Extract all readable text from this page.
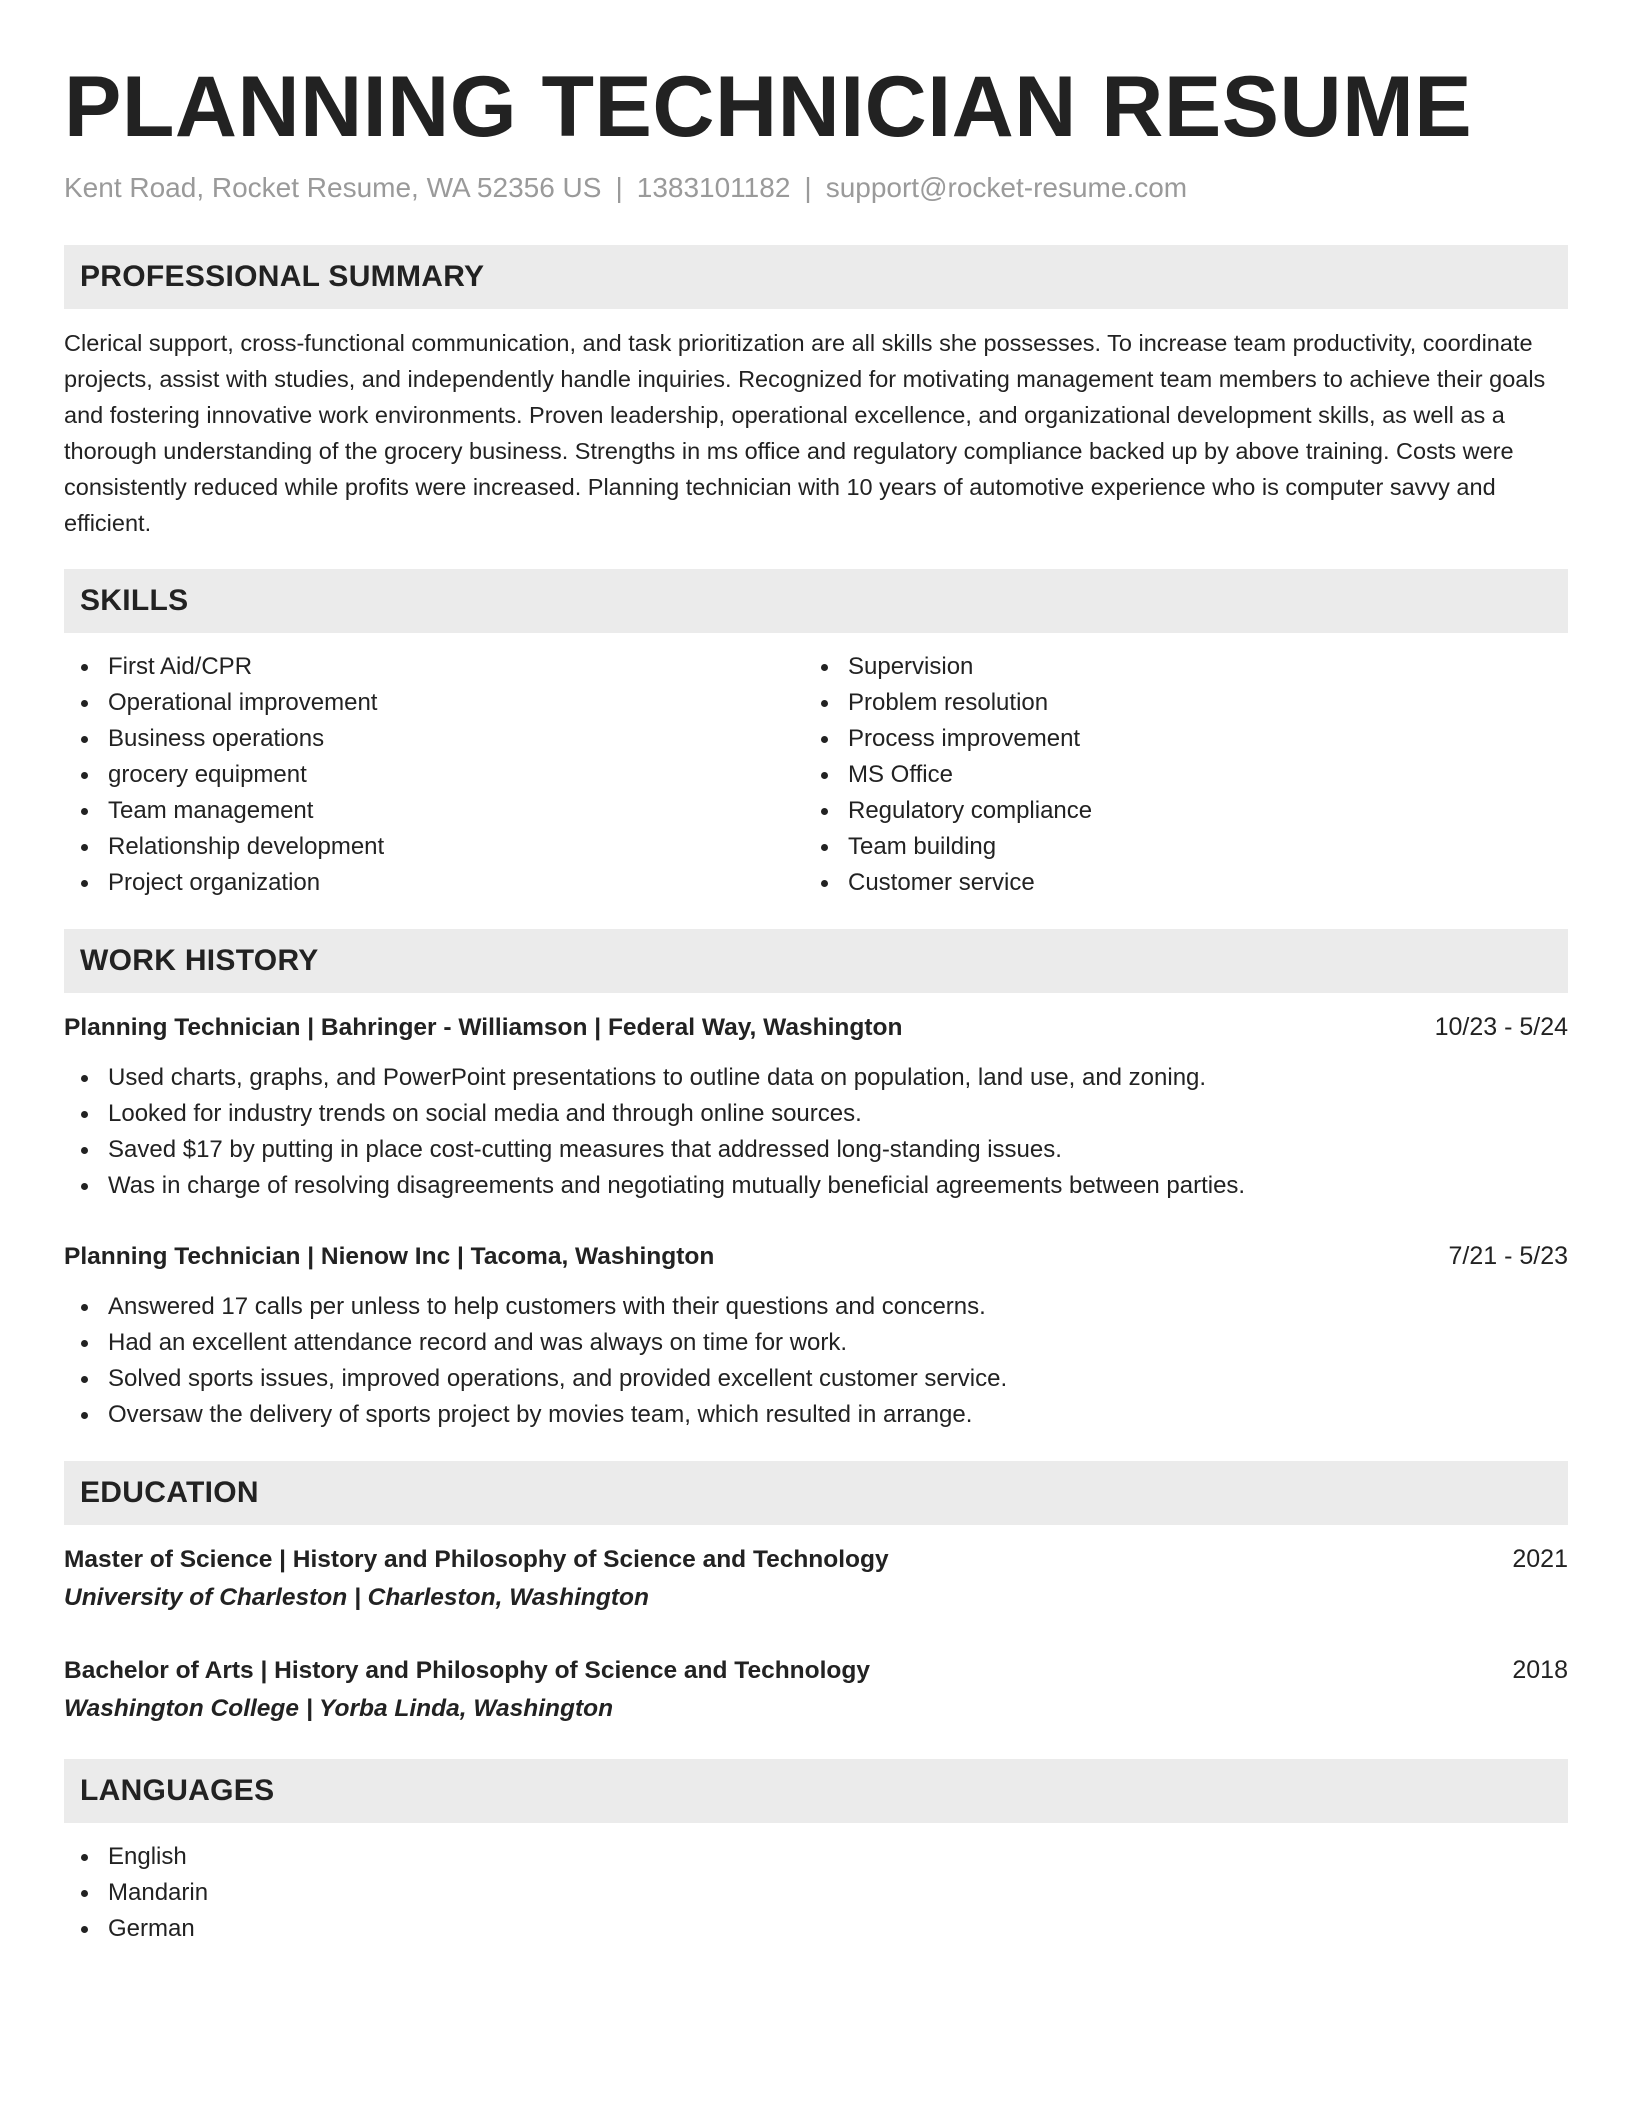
PLANNING TECHNICIAN RESUME
Kent Road, Rocket Resume, WA 52356 US | 1383101182 | support@rocket-resume.com
PROFESSIONAL SUMMARY
Clerical support, cross-functional communication, and task prioritization are all skills she possesses. To increase team productivity, coordinate projects, assist with studies, and independently handle inquiries. Recognized for motivating management team members to achieve their goals and fostering innovative work environments. Proven leadership, operational excellence, and organizational development skills, as well as a thorough understanding of the grocery business. Strengths in ms office and regulatory compliance backed up by above training. Costs were consistently reduced while profits were increased. Planning technician with 10 years of automotive experience who is computer savvy and efficient.
SKILLS
First Aid/CPR
Operational improvement
Business operations
grocery equipment
Team management
Relationship development
Project organization
Supervision
Problem resolution
Process improvement
MS Office
Regulatory compliance
Team building
Customer service
WORK HISTORY
Planning Technician | Bahringer - Williamson | Federal Way, Washington	10/23 - 5/24
Used charts, graphs, and PowerPoint presentations to outline data on population, land use, and zoning.
Looked for industry trends on social media and through online sources.
Saved $17 by putting in place cost-cutting measures that addressed long-standing issues.
Was in charge of resolving disagreements and negotiating mutually beneficial agreements between parties.
Planning Technician | Nienow Inc | Tacoma, Washington	7/21 - 5/23
Answered 17 calls per unless to help customers with their questions and concerns.
Had an excellent attendance record and was always on time for work.
Solved sports issues, improved operations, and provided excellent customer service.
Oversaw the delivery of sports project by movies team, which resulted in arrange.
EDUCATION
Master of Science | History and Philosophy of Science and Technology	2021
University of Charleston | Charleston, Washington
Bachelor of Arts | History and Philosophy of Science and Technology	2018
Washington College | Yorba Linda, Washington
LANGUAGES
English
Mandarin
German
